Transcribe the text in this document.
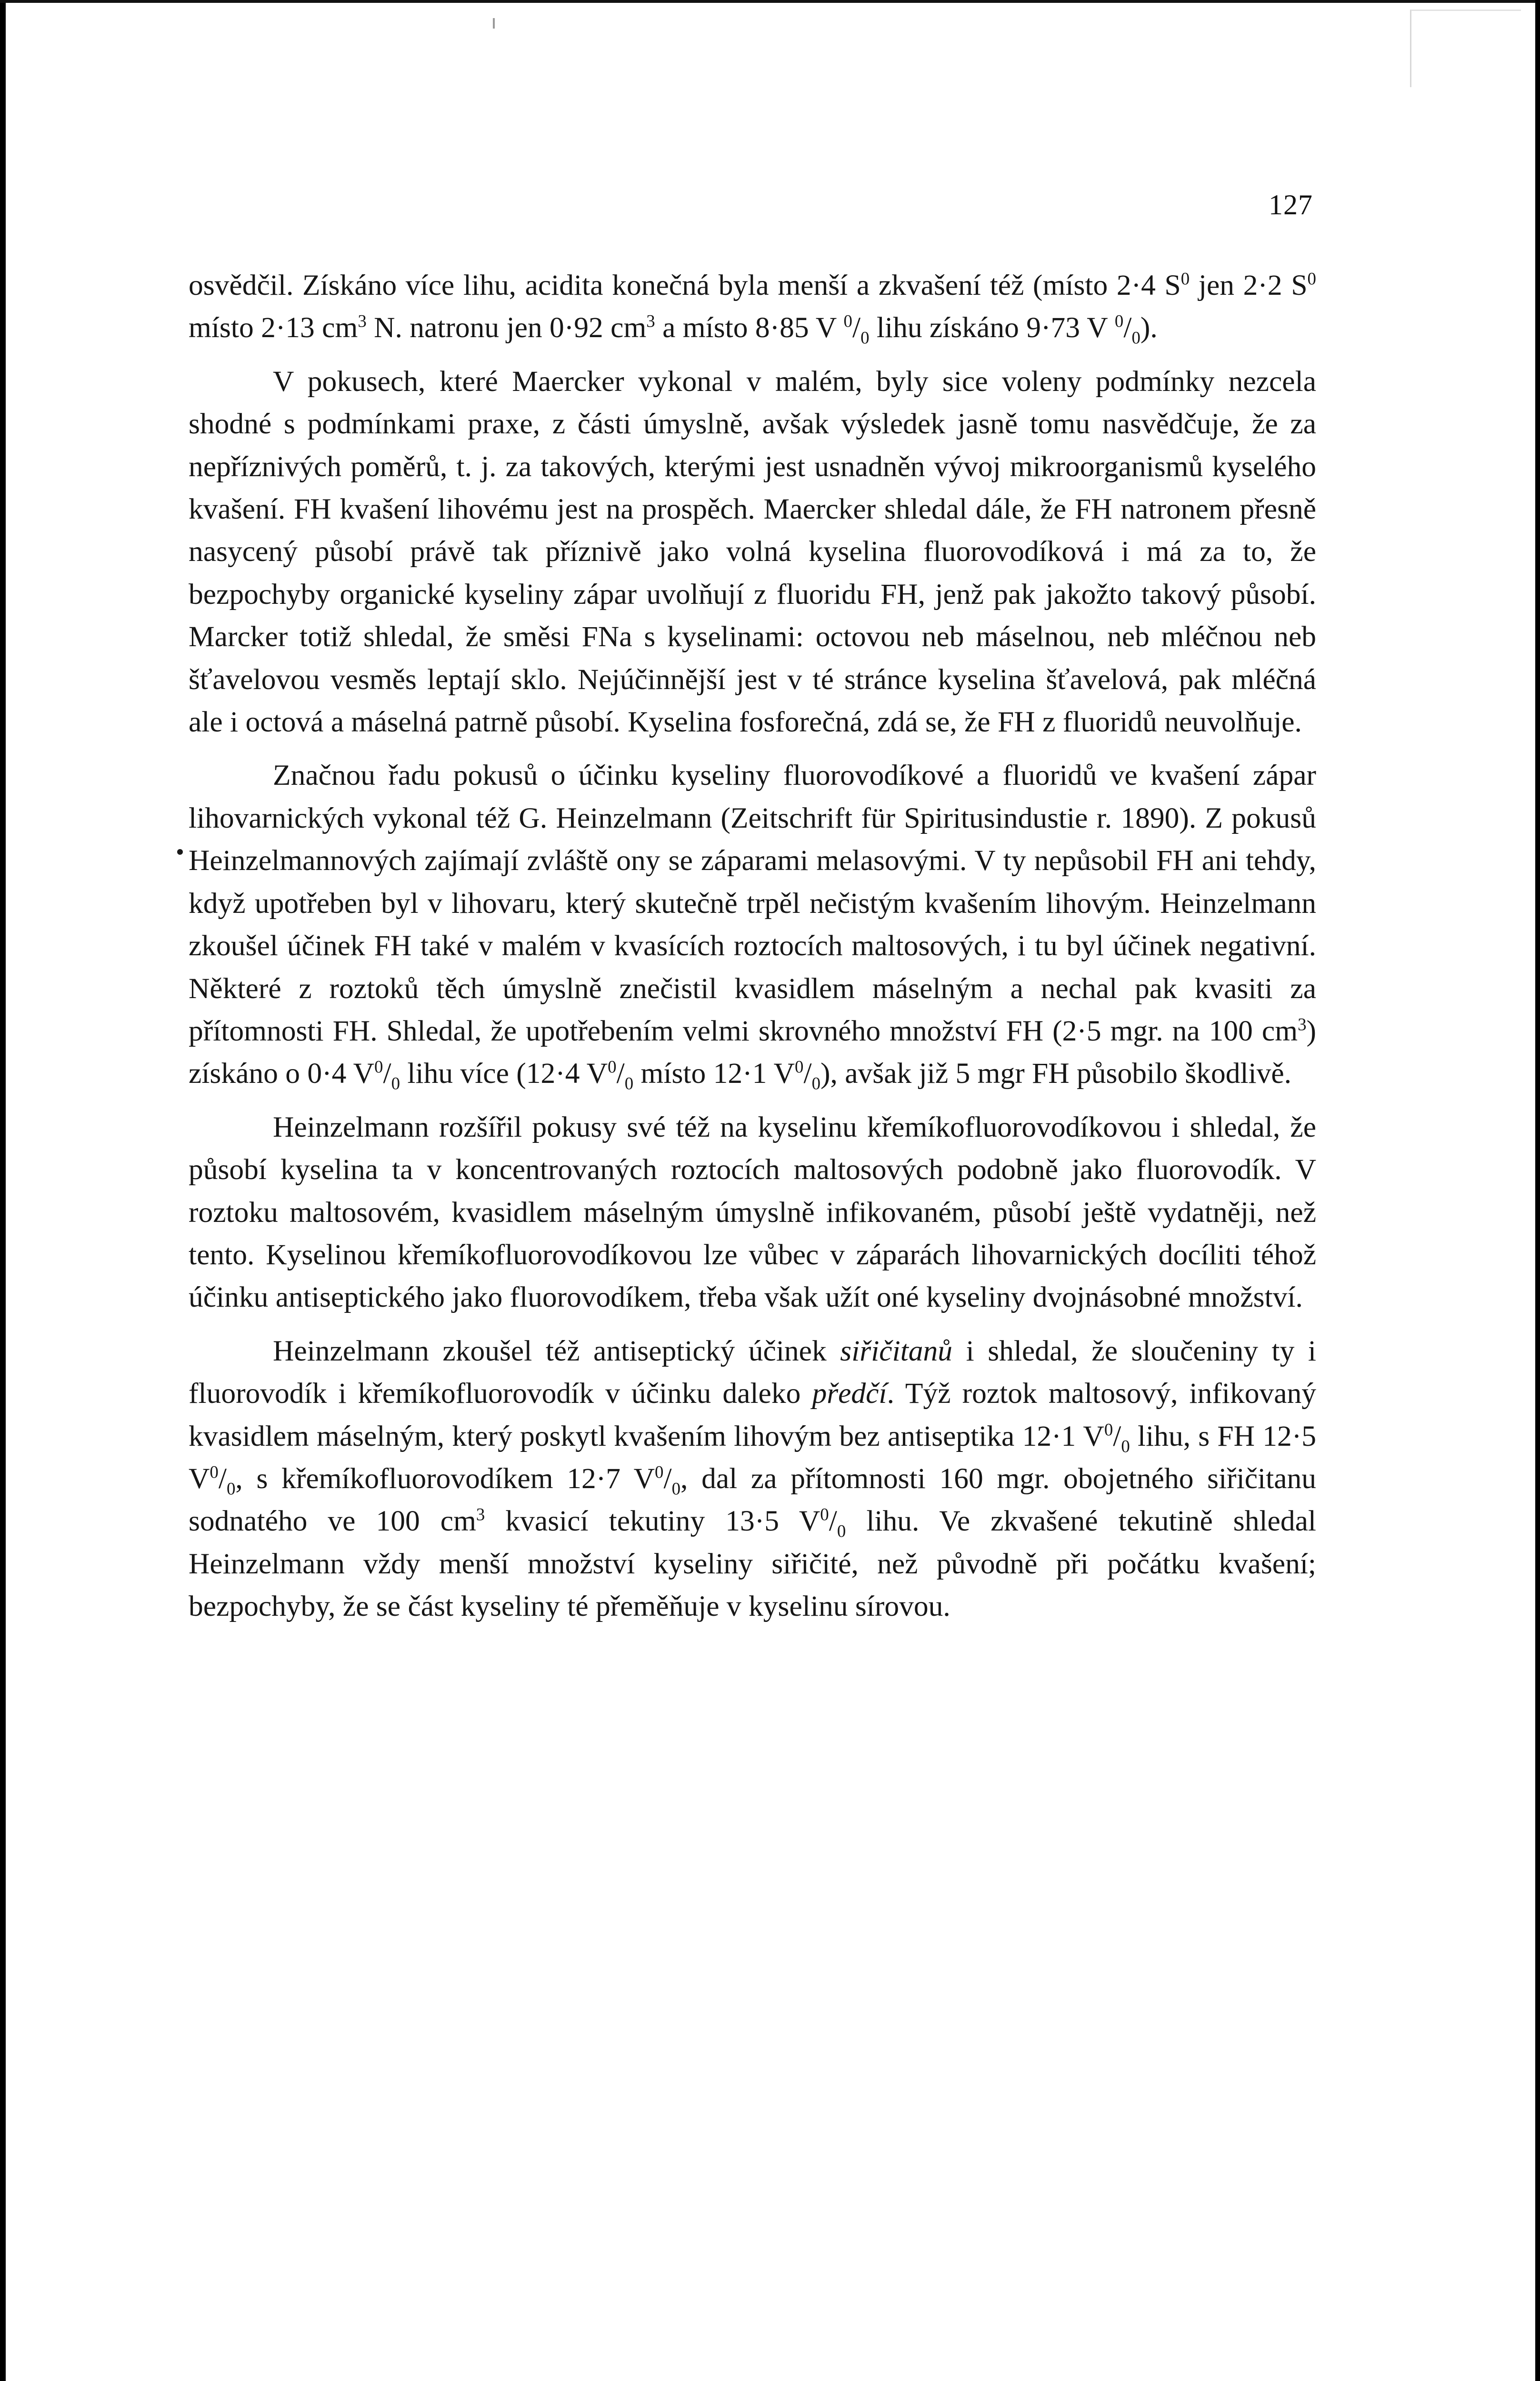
127

osvědčil. Získáno více lihu, acidita konečná byla menší a zkvašení též (místo 2·4 $S^0$ jen 2·2 $S^0$ místo 2·13 $cm^3$ N. natronu jen 0·92 $cm^3$ a místo 8·85 V $^0/_0$ lihu získáno 9·73 V $^0/_0$).

V pokusech, které Maercker vykonal v malém, byly sice voleny podmínky nezcela shodné s podmínkami praxe, z části úmyslně, avšak výsledek jasně tomu nasvědčuje, že za nepříznivých poměrů, t. j. za takových, kterými jest usnadněn vývoj mikroorganismů kyselého kvašení. FH kvašení lihovému jest na prospěch. Maercker shledal dále, že FH natronem přesně nasycený působí právě tak příznivě jako volná kyselina fluorovodíková i má za to, že bezpochyby organické kyseliny zápar uvolňují z fluoridu FH, jenž pak jakožto takový působí. Marcker totiž shledal, že směsi FNa s kyselinami: octovou neb máselnou, neb mléčnou neb šťavelovou vesměs leptají sklo. Nejúčinnější jest v té stránce kyselina šťavelová, pak mléčná ale i octová a máselná patrně působí. Kyselina fosforečná, zdá se, že FH z fluoridů neuvolňuje.

Značnou řadu pokusů o účinku kyseliny fluorovodíkové a fluoridů ve kvašení zápar lihovarnických vykonal též G. Heinzelmann (Zeitschrift für Spiritusindustie r. 1890). Z pokusů Heinzelmannových zajímají zvláště ony se záparami melasovými. V ty nepůsobil FH ani tehdy, když upotřeben byl v lihovaru, který skutečně trpěl nečistým kvašením lihovým. Heinzelmann zkoušel účinek FH také v malém v kvasících roztocích maltosových, i tu byl účinek negativní. Některé z roztoků těch úmyslně znečistil kvasidlem máselným a nechal pak kvasiti za přítomnosti FH. Shledal, že upotřebením velmi skrovného množství FH (2·5 mgr. na 100 $cm^3$) získáno o 0·4 $V^0/_0$ lihu více (12·4 $V^0/_0$ místo 12·1 $V^0/_0$), avšak již 5 mgr FH působilo škodlivě.

Heinzelmann rozšířil pokusy své též na kyselinu křemíkofluorovodíkovou i shledal, že působí kyselina ta v koncentrovaných roztocích maltosových podobně jako fluorovodík. V roztoku maltosovém, kvasidlem máselným úmyslně infikovaném, působí ještě vydatněji, než tento. Kyselinou křemíkofluorovodíkovou lze vůbec v záparách lihovarnických docíliti téhož účinku antiseptického jako fluorovodíkem, třeba však užít oné kyseliny dvojnásobné množství.

Heinzelmann zkoušel též antiseptický účinek siřičitanů i shledal, že sloučeniny ty i fluorovodík i křemíkofluorovodík v účinku daleko předčí. Týž roztok maltosový, infikovaný kvasidlem máselným, který poskytl kvašením lihovým bez antiseptika 12·1 $V^0/_0$ lihu, s FH 12·5 $V^0/_0$, s křemíkofluorovodíkem 12·7 $V^0/_0$, dal za přítomnosti 160 mgr. obojetného siřičitanu sodnatého ve 100 $cm^3$ kvasicí tekutiny 13·5 $V^0/_0$ lihu. Ve zkvašené tekutině shledal Heinzelmann vždy menší množství kyseliny siřičité, než původně při počátku kvašení; bezpochyby, že se část kyseliny té přeměňuje v kyselinu sírovou.
